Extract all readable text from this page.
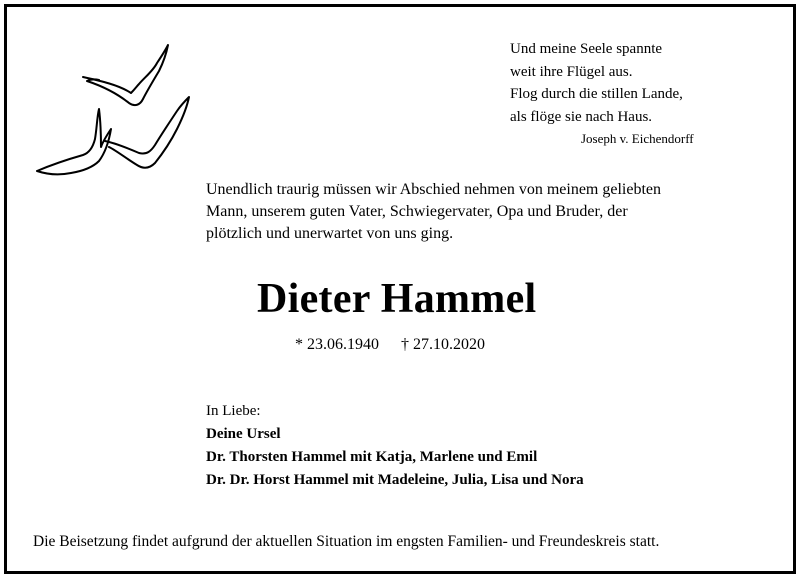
Und meine Seele spannte
weit ihre Flügel aus.
Flog durch die stillen Lande,
als flöge sie nach Haus.
Joseph v. Eichendorff
Unendlich traurig müssen wir Abschied nehmen von meinem geliebten
Mann, unserem guten Vater, Schwiegervater, Opa und Bruder, der
plötzlich und unerwartet von uns ging.
Dieter Hammel
* 23.06.1940 † 27.10.2020
In Liebe:
Deine Ursel
Dr. Thorsten Hammel mit Katja, Marlene und Emil
Dr. Dr. Horst Hammel mit Madeleine, Julia, Lisa und Nora
Die Beisetzung findet aufgrund der aktuellen Situation im engsten Familien- und Freundeskreis statt.
